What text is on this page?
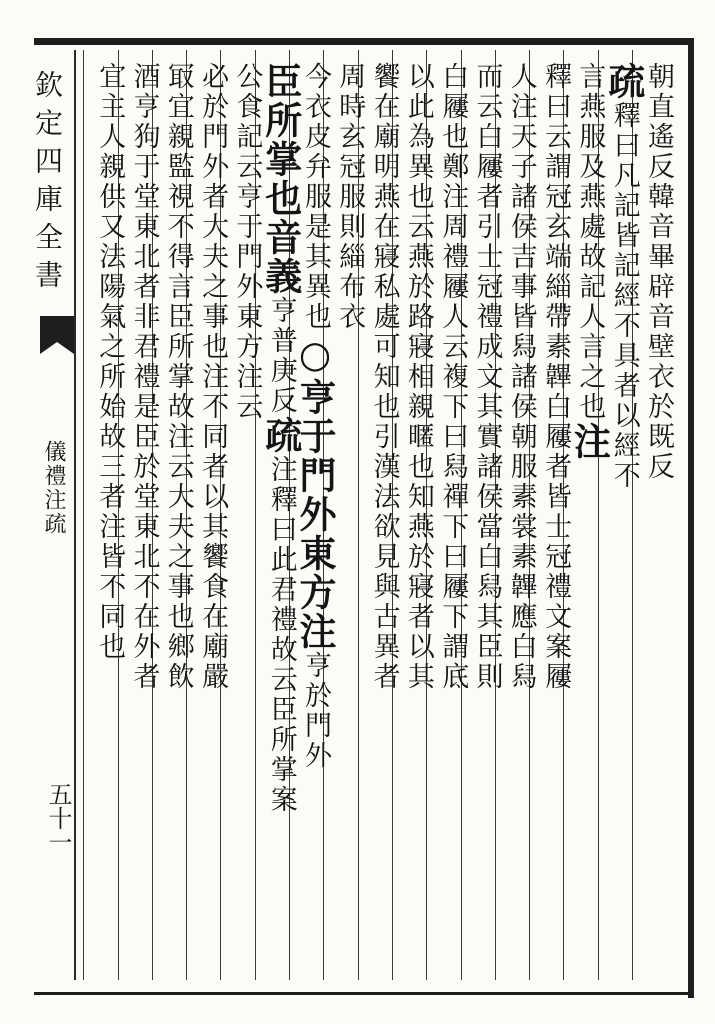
欽定四庫全書
儀禮注疏
五十一
朝直遙反韓音畢辟音壁衣於既反
疏釋曰凡記皆記經不具者以經不
言燕服及燕處故記人言之也注
釋曰云謂冠玄端緇帶素韠白屨者皆士冠禮文案屨
人注天子諸侯吉事皆舄諸侯朝服素裳素韠應白舄
而云白屨者引士冠禮成文其實諸侯當白舄其臣則
白屨也鄭注周禮屨人云複下曰舄禪下曰屨下謂底
以此為異也云燕於路寢相親暱也知燕於寢者以其
饗在廟明燕在寢私處可知也引漢法欲見與古異者
周時玄冠服則緇布衣
今衣皮弁服是其異也○亨于門外東方注亨於門外
臣所掌也音義亨普庚反疏注釋曰此君禮故云臣所掌案
公食記云亨于門外東方注云
必於門外者大夫之事也注不同者以其饗食在廟嚴
冣宜親監視不得言臣所掌故注云大夫之事也鄉飲
酒亨狗于堂東北者非君禮是臣於堂東北不在外者
宜主人親供又法陽氣之所始故三者注皆不同也
